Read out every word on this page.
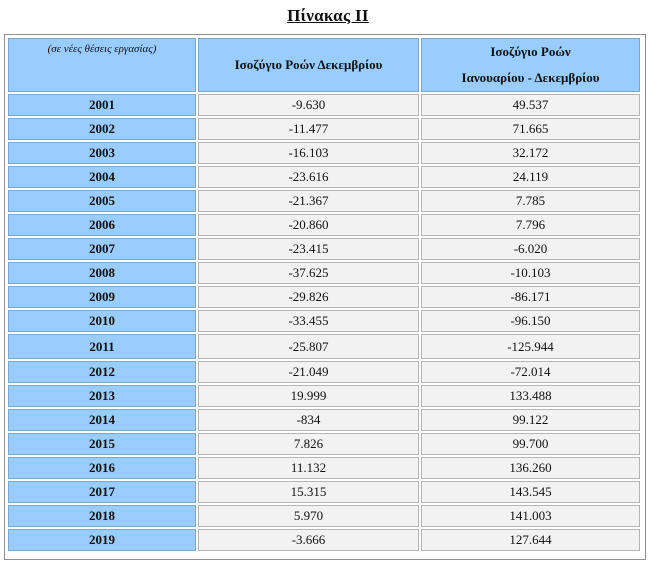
Πίνακας ΙΙ
(σε νέες θέσεις εργασίας)	Ισοζύγιο Ροών Δεκεμβρίου	Ισοζύγιο Ροών
Ιανουαρίου - Δεκεμβρίου

2001	-9.630	49.537
2002	-11.477	71.665
2003	-16.103	32.172
2004	-23.616	24.119
2005	-21.367	7.785
2006	-20.860	7.796
2007	-23.415	-6.020
2008	-37.625	-10.103
2009	-29.826	-86.171
2010	-33.455	-96.150
2011	-25.807	-125.944
2012	-21.049	-72.014
2013	19.999	133.488
2014	-834	99.122
2015	7.826	99.700
2016	11.132	136.260
2017	15.315	143.545
2018	5.970	141.003
2019	-3.666	127.644
